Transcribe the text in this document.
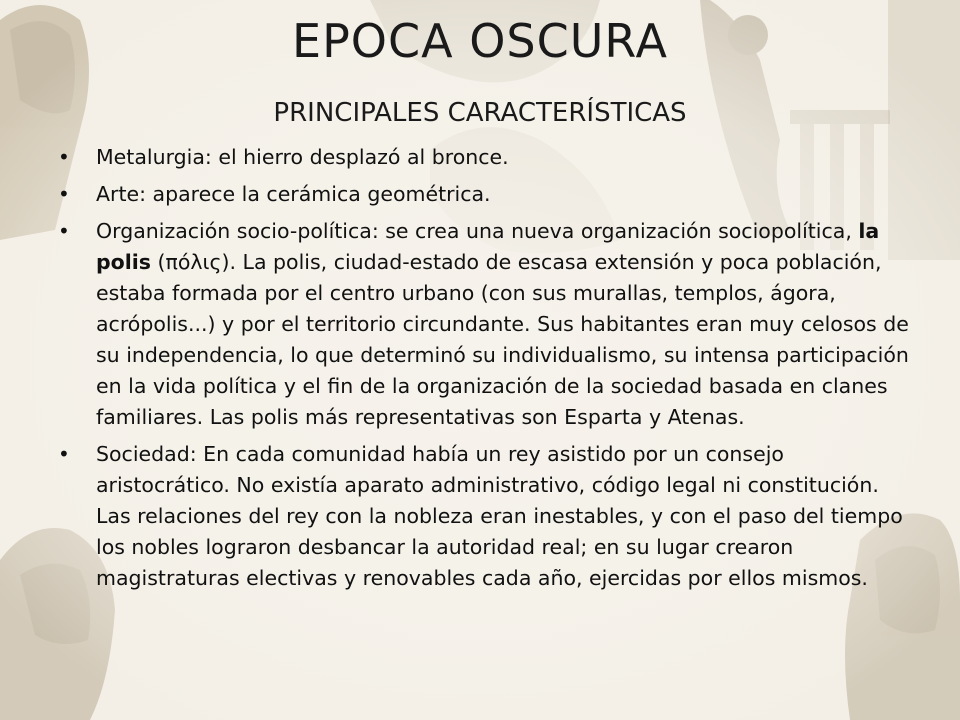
EPOCA OSCURA
PRINCIPALES CARACTERÍSTICAS
• Metalurgia: el hierro desplazó al bronce.
• Arte: aparece la cerámica geométrica.
• Organización socio-política: se crea una nueva organización sociopolítica, la polis (πόλις). La polis, ciudad-estado de escasa extensión y poca población, estaba formada por el centro urbano (con sus murallas, templos, ágora, acrópolis...) y por el territorio circundante. Sus habitantes eran muy celosos de su independencia, lo que determinó su individualismo, su intensa participación en la vida política y el fin de la organización de la sociedad basada en clanes familiares. Las polis más representativas son Esparta y Atenas.
• Sociedad: En cada comunidad había un rey asistido por un consejo aristocrático. No existía aparato administrativo, código legal ni constitución. Las relaciones del rey con la nobleza eran inestables, y con el paso del tiempo los nobles lograron desbancar la autoridad real; en su lugar crearon magistraturas electivas y renovables cada año, ejercidas por ellos mismos.
